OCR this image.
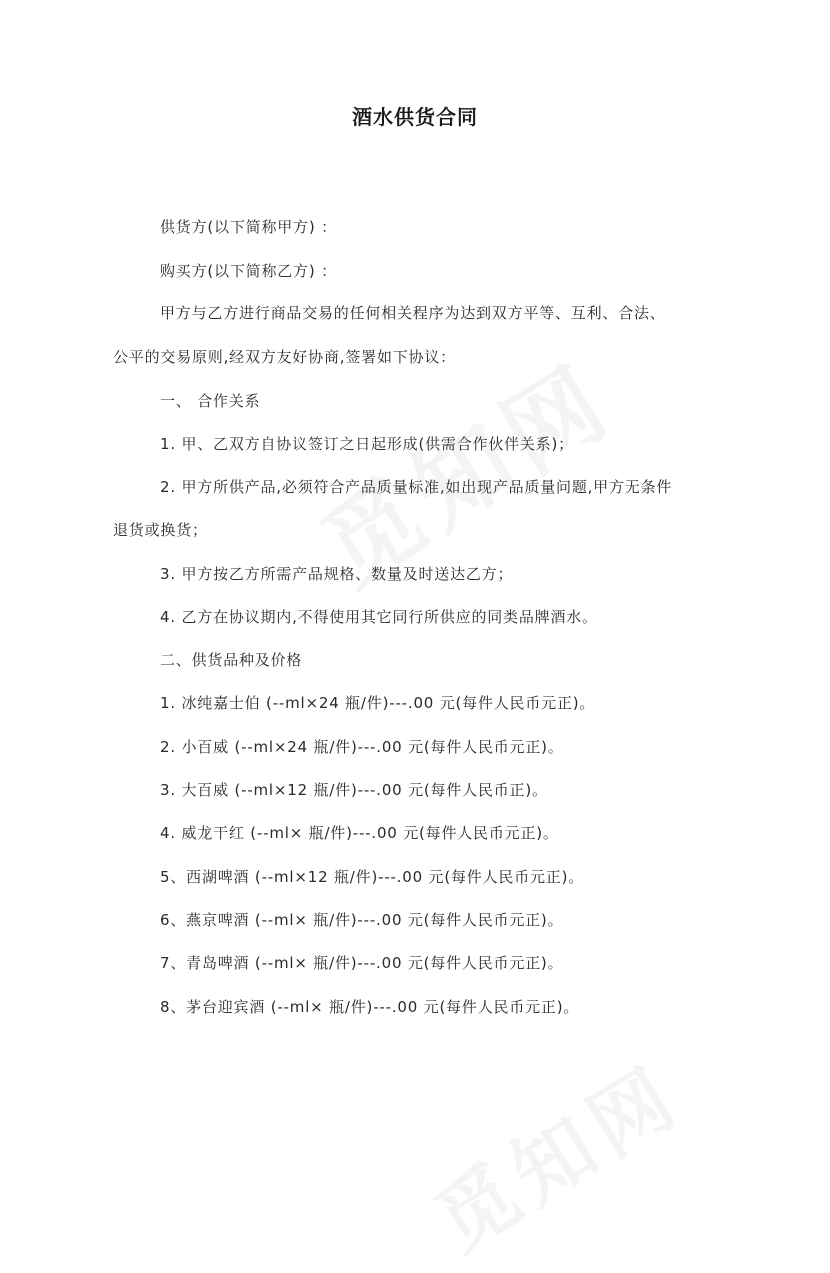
酒水供货合同
供货方(以下简称甲方) ：
购买方(以下简称乙方) ：
甲方与乙方进行商品交易的任何相关程序为达到双方平等、互利、合法、
公平的交易原则,经双方友好协商,签署如下协议：
一、 合作关系
1. 甲、乙双方自协议签订之日起形成(供需合作伙伴关系)；
2. 甲方所供产品,必须符合产品质量标准,如出现产品质量问题,甲方无条件
退货或换货；
3. 甲方按乙方所需产品规格、数量及时送达乙方；
4. 乙方在协议期内,不得使用其它同行所供应的同类品牌酒水。
二、供货品种及价格
1. 冰纯嘉士伯 (--ml×24 瓶/件)---.00 元(每件人民币元正)。
2. 小百威 (--ml×24 瓶/件)---.00 元(每件人民币元正)。
3. 大百威 (--ml×12 瓶/件)---.00 元(每件人民币正)。
4. 威龙干红 (--ml× 瓶/件)---.00 元(每件人民币元正)。
5、西湖啤酒 (--ml×12 瓶/件)---.00 元(每件人民币元正)。
6、燕京啤酒 (--ml× 瓶/件)---.00 元(每件人民币元正)。
7、青岛啤酒 (--ml× 瓶/件)---.00 元(每件人民币元正)。
8、茅台迎宾酒 (--ml× 瓶/件)---.00 元(每件人民币元正)。
